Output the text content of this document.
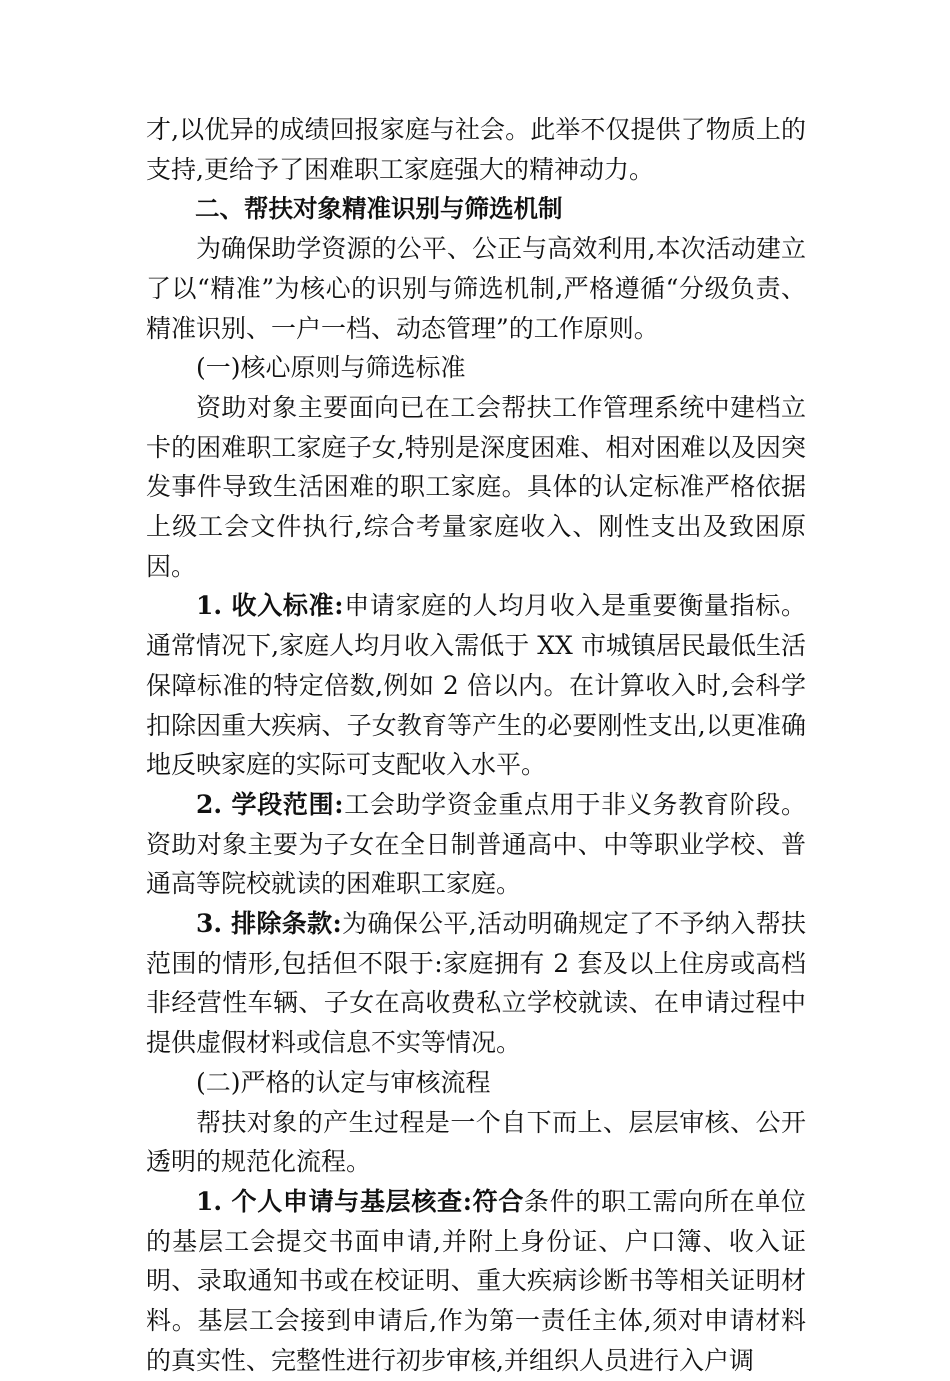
才,以优异的成绩回报家庭与社会。此举不仅提供了物质上的支持,更给予了困难职工家庭强大的精神动力。

二、帮扶对象精准识别与筛选机制

为确保助学资源的公平、公正与高效利用,本次活动建立了以“精准”为核心的识别与筛选机制,严格遵循“分级负责、精准识别、一户一档、动态管理”的工作原则。

(一)核心原则与筛选标准

资助对象主要面向已在工会帮扶工作管理系统中建档立卡的困难职工家庭子女,特别是深度困难、相对困难以及因突发事件导致生活困难的职工家庭。具体的认定标准严格依据上级工会文件执行,综合考量家庭收入、刚性支出及致困原因。

1. 收入标准:申请家庭的人均月收入是重要衡量指标。通常情况下,家庭人均月收入需低于 XX 市城镇居民最低生活保障标准的特定倍数,例如 2 倍以内。在计算收入时,会科学扣除因重大疾病、子女教育等产生的必要刚性支出,以更准确地反映家庭的实际可支配收入水平。

2. 学段范围:工会助学资金重点用于非义务教育阶段。资助对象主要为子女在全日制普通高中、中等职业学校、普通高等院校就读的困难职工家庭。

3. 排除条款:为确保公平,活动明确规定了不予纳入帮扶范围的情形,包括但不限于:家庭拥有 2 套及以上住房或高档非经营性车辆、子女在高收费私立学校就读、在申请过程中提供虚假材料或信息不实等情况。

(二)严格的认定与审核流程

帮扶对象的产生过程是一个自下而上、层层审核、公开透明的规范化流程。

1. 个人申请与基层核查:符合条件的职工需向所在单位的基层工会提交书面申请,并附上身份证、户口簿、收入证明、录取通知书或在校证明、重大疾病诊断书等相关证明材料。基层工会接到申请后,作为第一责任主体,须对申请材料的真实性、完整性进行初步审核,并组织人员进行入户调
